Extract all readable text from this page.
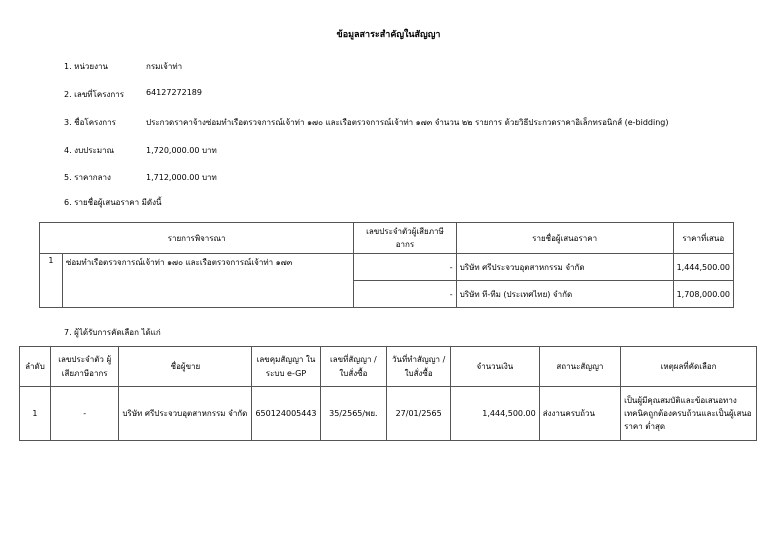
ข้อมูลสาระสำคัญในสัญญา
1. หน่วยงาน	กรมเจ้าท่า
2. เลขที่โครงการ	64127272189
3. ชื่อโครงการ	ประกวดราคาจ้างซ่อมทำเรือตรวจการณ์เจ้าท่า ๑๗๐ และเรือตรวจการณ์เจ้าท่า ๑๗๓ จำนวน ๒๒ รายการ ด้วยวิธีประกวดราคาอิเล็กทรอนิกส์ (e-bidding)
4. งบประมาณ	1,720,000.00 บาท
5. ราคากลาง	1,712,000.00 บาท
6. รายชื่อผู้เสนอราคา มีดังนี้
รายการพิจารณา		เลขประจำตัวผู้เสียภาษีอากร	รายชื่อผู้เสนอราคา	ราคาที่เสนอ
1	ซ่อมทำเรือตรวจการณ์เจ้าท่า ๑๗๐ และเรือตรวจการณ์เจ้าท่า ๑๗๓	-	บริษัท ศรีประจวบอุตสาหกรรม จำกัด	1,444,500.00
		-	บริษัท ที-ทีม (ประเทศไทย) จำกัด	1,708,000.00
7. ผู้ได้รับการคัดเลือก ได้แก่
ลำดับ	เลขประจำตัว ผู้เสียภาษีอากร	ชื่อผู้ขาย	เลขคุมสัญญา ในระบบ e-GP	เลขที่สัญญา / ใบสั่งซื้อ	วันที่ทำสัญญา / ใบสั่งซื้อ	จำนวนเงิน	สถานะสัญญา	เหตุผลที่คัดเลือก
1	-	บริษัท ศรีประจวบอุตสาหกรรม จำกัด	650124005443	35/2565/พย.	27/01/2565	1,444,500.00	ส่งงานครบถ้วน	เป็นผู้มีคุณสมบัติและข้อเสนอทางเทคนิคถูกต้องครบถ้วนและเป็นผู้เสนอราคา ต่ำสุด
